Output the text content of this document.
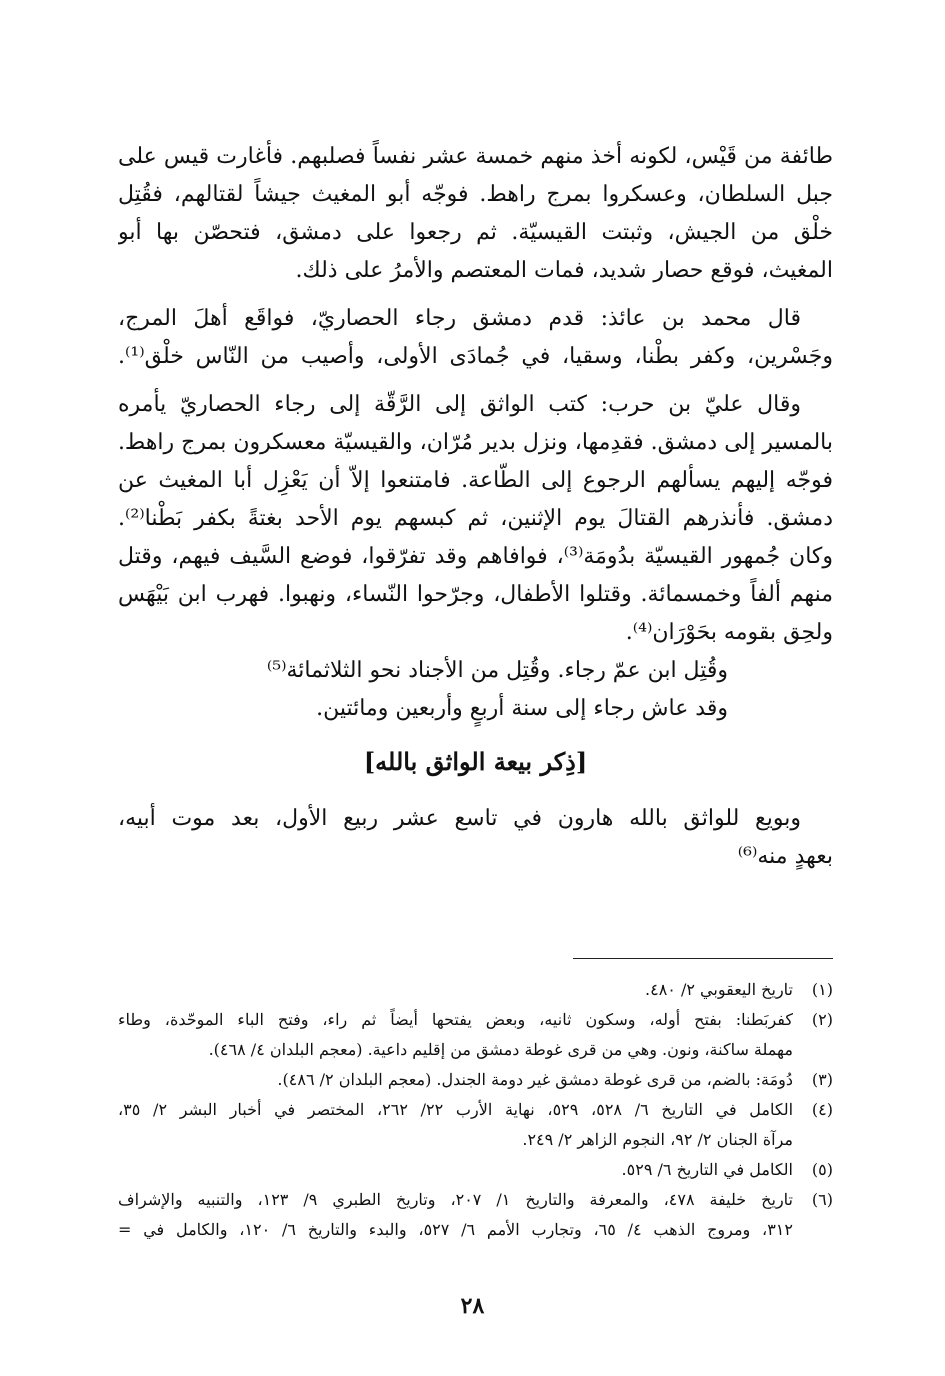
طائفة من قَيْس، لكونه أخذ منهم خمسة عشر نفساً فصلبهم. فأغارت قيس على
جبل السلطان، وعسكروا بمرج راهط. فوجّه أبو المغيث جيشاً لقتالهم، فقُتِل
خلْق من الجيش، وثبتت القيسيّة. ثم رجعوا على دمشق، فتحصّن بها أبو
المغيث، فوقع حصار شديد، فمات المعتصم والأمرُ على ذلك.
قال محمد بن عائذ: قدم دمشق رجاء الحصاريّ، فواقَع أهلَ المرج،
وجَسْرين، وكفر بطْنا، وسقيا، في جُمادَى الأولى، وأصيب من النّاس خلْق⁽¹⁾.
وقال عليّ بن حرب: كتب الواثق إلى الرَّقّة إلى رجاء الحصاريّ يأمره
بالمسير إلى دمشق. فقدِمها، ونزل بدير مُرّان، والقيسيّة معسكرون بمرج راهط.
فوجّه إليهم يسألهم الرجوع إلى الطّاعة. فامتنعوا إلاّ أن يَعْزِل أبا المغيث عن
دمشق. فأنذرهم القتالَ يوم الإثنين، ثم كبسهم يوم الأحد بغتةً بكفر بَطْنا⁽²⁾.
وكان جُمهور القيسيّة بدُومَة⁽³⁾، فوافاهم وقد تفرّقوا، فوضع السَّيف فيهم، وقتل
منهم ألفاً وخمسمائة. وقتلوا الأطفال، وجرّحوا النّساء، ونهبوا. فهرب ابن بَيْهَس
ولحِق بقومه بحَوْرَان⁽⁴⁾.
وقُتِل ابن عمّ رجاء. وقُتِل من الأجناد نحو الثلاثمائة⁽⁵⁾
وقد عاش رجاء إلى سنة أربعٍ وأربعين ومائتين.
[ذِكر بيعة الواثق بالله]
وبويع للواثق بالله هارون في تاسع عشر ربيع الأول، بعد موت أبيه،
بعهدٍ منه⁽⁶⁾
(١)
تاريخ اليعقوبي ٢/ ٤٨٠.
(٢)
كفربَطنا: بفتح أوله، وسكون ثانيه، وبعض يفتحها أيضاً ثم راء، وفتح الباء الموحّدة، وطاء
مهملة ساكنة، ونون. وهي من قرى غوطة دمشق من إقليم داعية. (معجم البلدان ٤/ ٤٦٨).
(٣)
دُومَة: بالضم، من قرى غوطة دمشق غير دومة الجندل. (معجم البلدان ٢/ ٤٨٦).
(٤)
الكامل في التاريخ ٦/ ٥٢٨، ٥٢٩، نهاية الأرب ٢٢/ ٢٦٢، المختصر في أخبار البشر ٢/ ٣٥،
مرآة الجنان ٢/ ٩٢، النجوم الزاهر ٢/ ٢٤٩.
(٥)
الكامل في التاريخ ٦/ ٥٢٩.
(٦)
تاريخ خليفة ٤٧٨، والمعرفة والتاريخ ١/ ٢٠٧، وتاريخ الطبري ٩/ ١٢٣، والتنبيه والإشراف
٣١٢، ومروج الذهب ٤/ ٦٥، وتجارب الأمم ٦/ ٥٢٧، والبدء والتاريخ ٦/ ١٢٠، والكامل في =
٢٨
